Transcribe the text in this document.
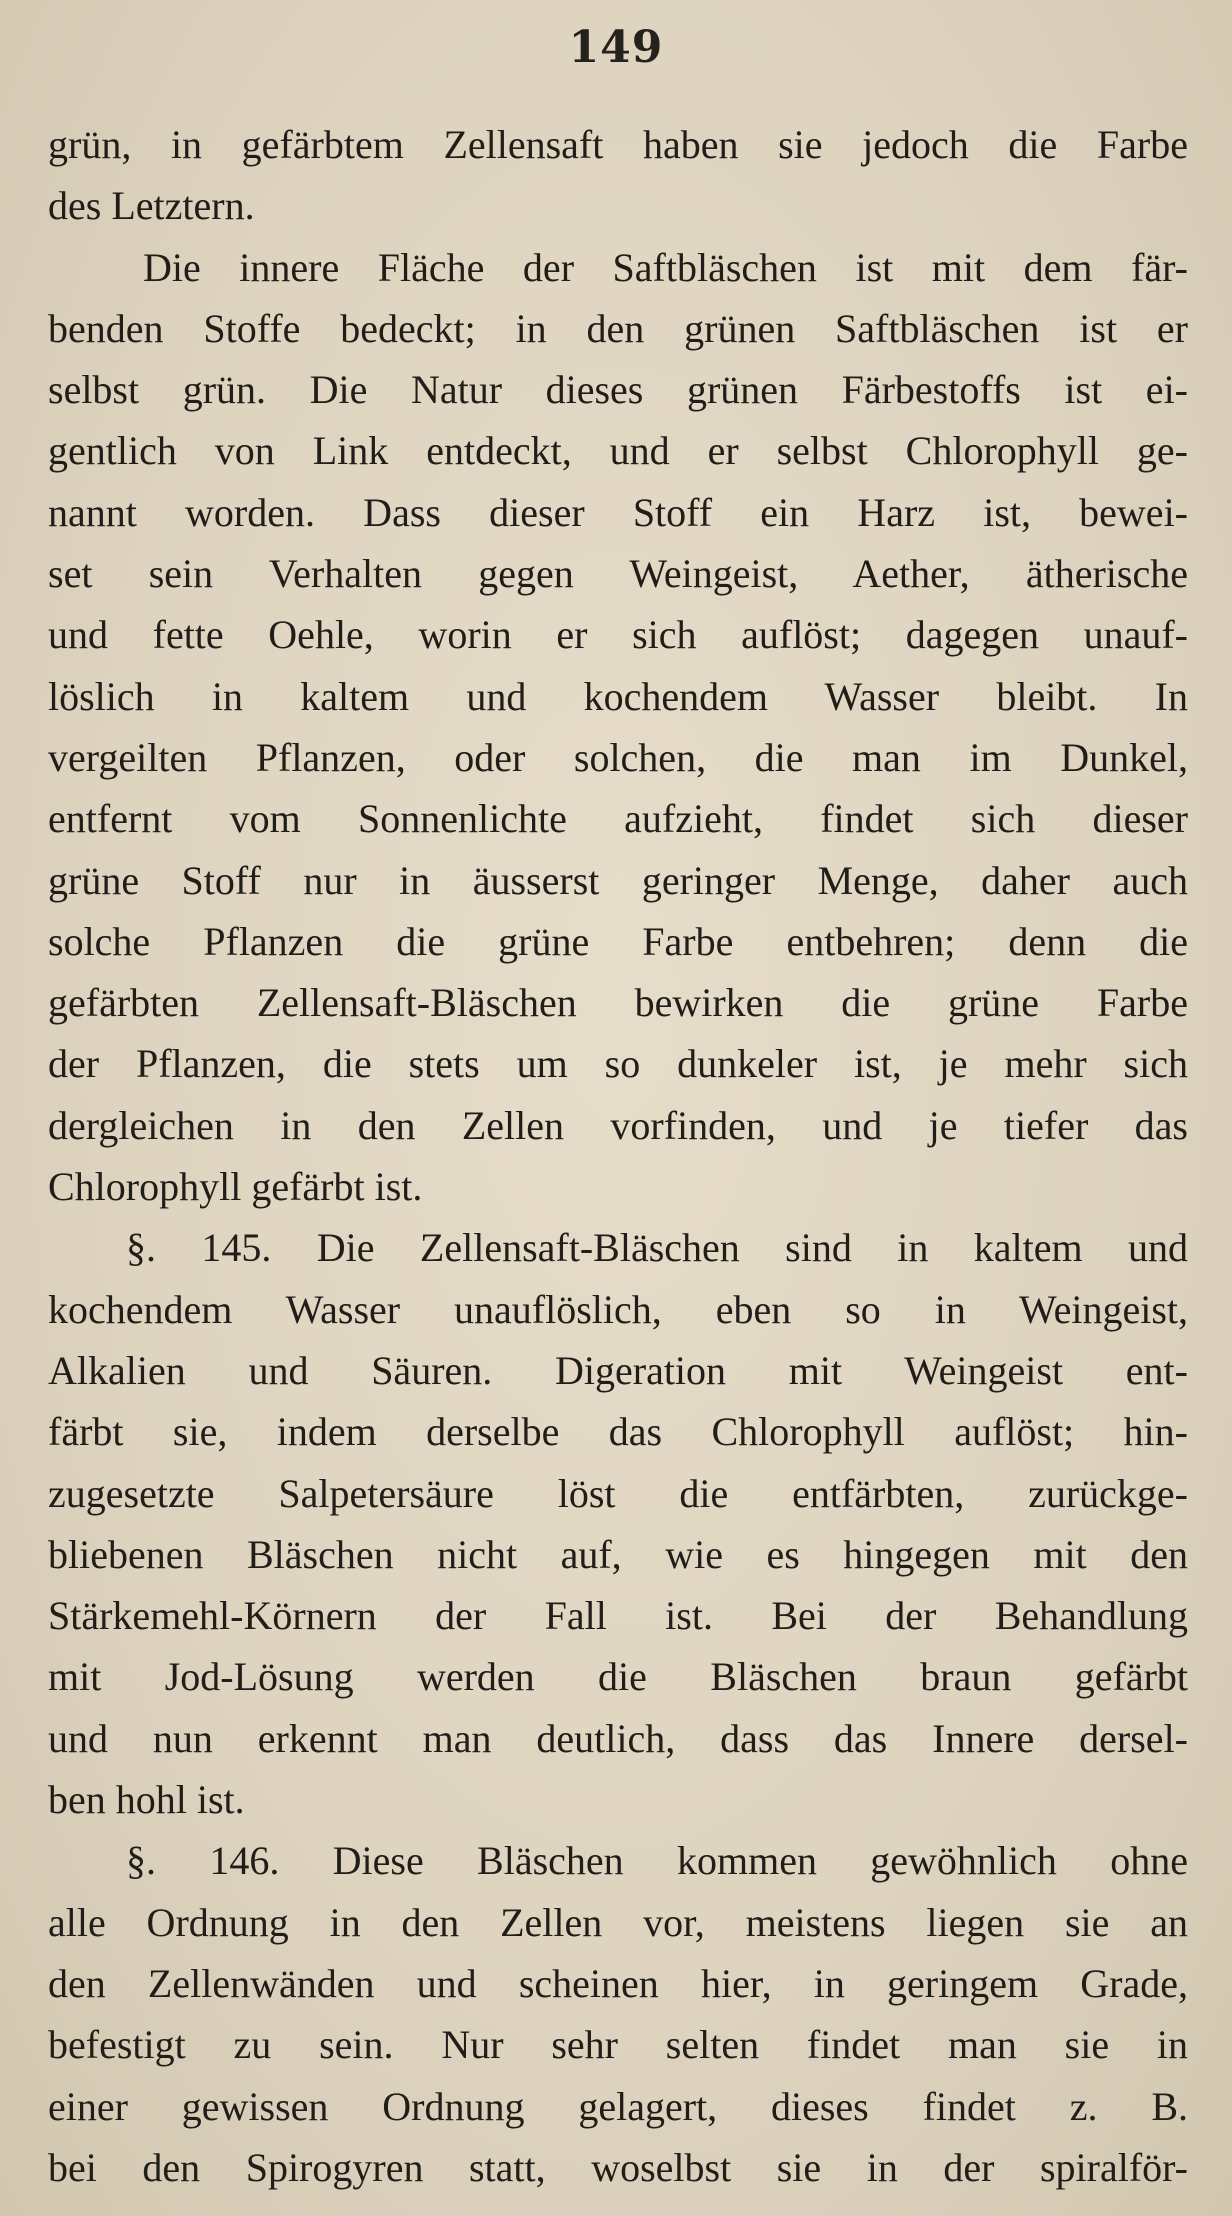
149
grün, in gefärbtem Zellensaft haben sie jedoch die Farbe
des Letztern.
Die innere Fläche der Saftbläschen ist mit dem fär-
benden Stoffe bedeckt; in den grünen Saftbläschen ist er
selbst grün. Die Natur dieses grünen Färbestoffs ist ei-
gentlich von Link entdeckt, und er selbst Chlorophyll ge-
nannt worden. Dass dieser Stoff ein Harz ist, bewei-
set sein Verhalten gegen Weingeist, Aether, ätherische
und fette Oehle, worin er sich auflöst; dagegen unauf-
löslich in kaltem und kochendem Wasser bleibt. In
vergeilten Pflanzen, oder solchen, die man im Dunkel,
entfernt vom Sonnenlichte aufzieht, findet sich dieser
grüne Stoff nur in äusserst geringer Menge, daher auch
solche Pflanzen die grüne Farbe entbehren; denn die
gefärbten Zellensaft-Bläschen bewirken die grüne Farbe
der Pflanzen, die stets um so dunkeler ist, je mehr sich
dergleichen in den Zellen vorfinden, und je tiefer das
Chlorophyll gefärbt ist.
§. 145. Die Zellensaft-Bläschen sind in kaltem und
kochendem Wasser unauflöslich, eben so in Weingeist,
Alkalien und Säuren. Digeration mit Weingeist ent-
färbt sie, indem derselbe das Chlorophyll auflöst; hin-
zugesetzte Salpetersäure löst die entfärbten, zurückge-
bliebenen Bläschen nicht auf, wie es hingegen mit den
Stärkemehl-Körnern der Fall ist. Bei der Behandlung
mit Jod-Lösung werden die Bläschen braun gefärbt
und nun erkennt man deutlich, dass das Innere dersel-
ben hohl ist.
§. 146. Diese Bläschen kommen gewöhnlich ohne
alle Ordnung in den Zellen vor, meistens liegen sie an
den Zellenwänden und scheinen hier, in geringem Grade,
befestigt zu sein. Nur sehr selten findet man sie in
einer gewissen Ordnung gelagert, dieses findet z. B.
bei den Spirogyren statt, woselbst sie in der spiralför-
